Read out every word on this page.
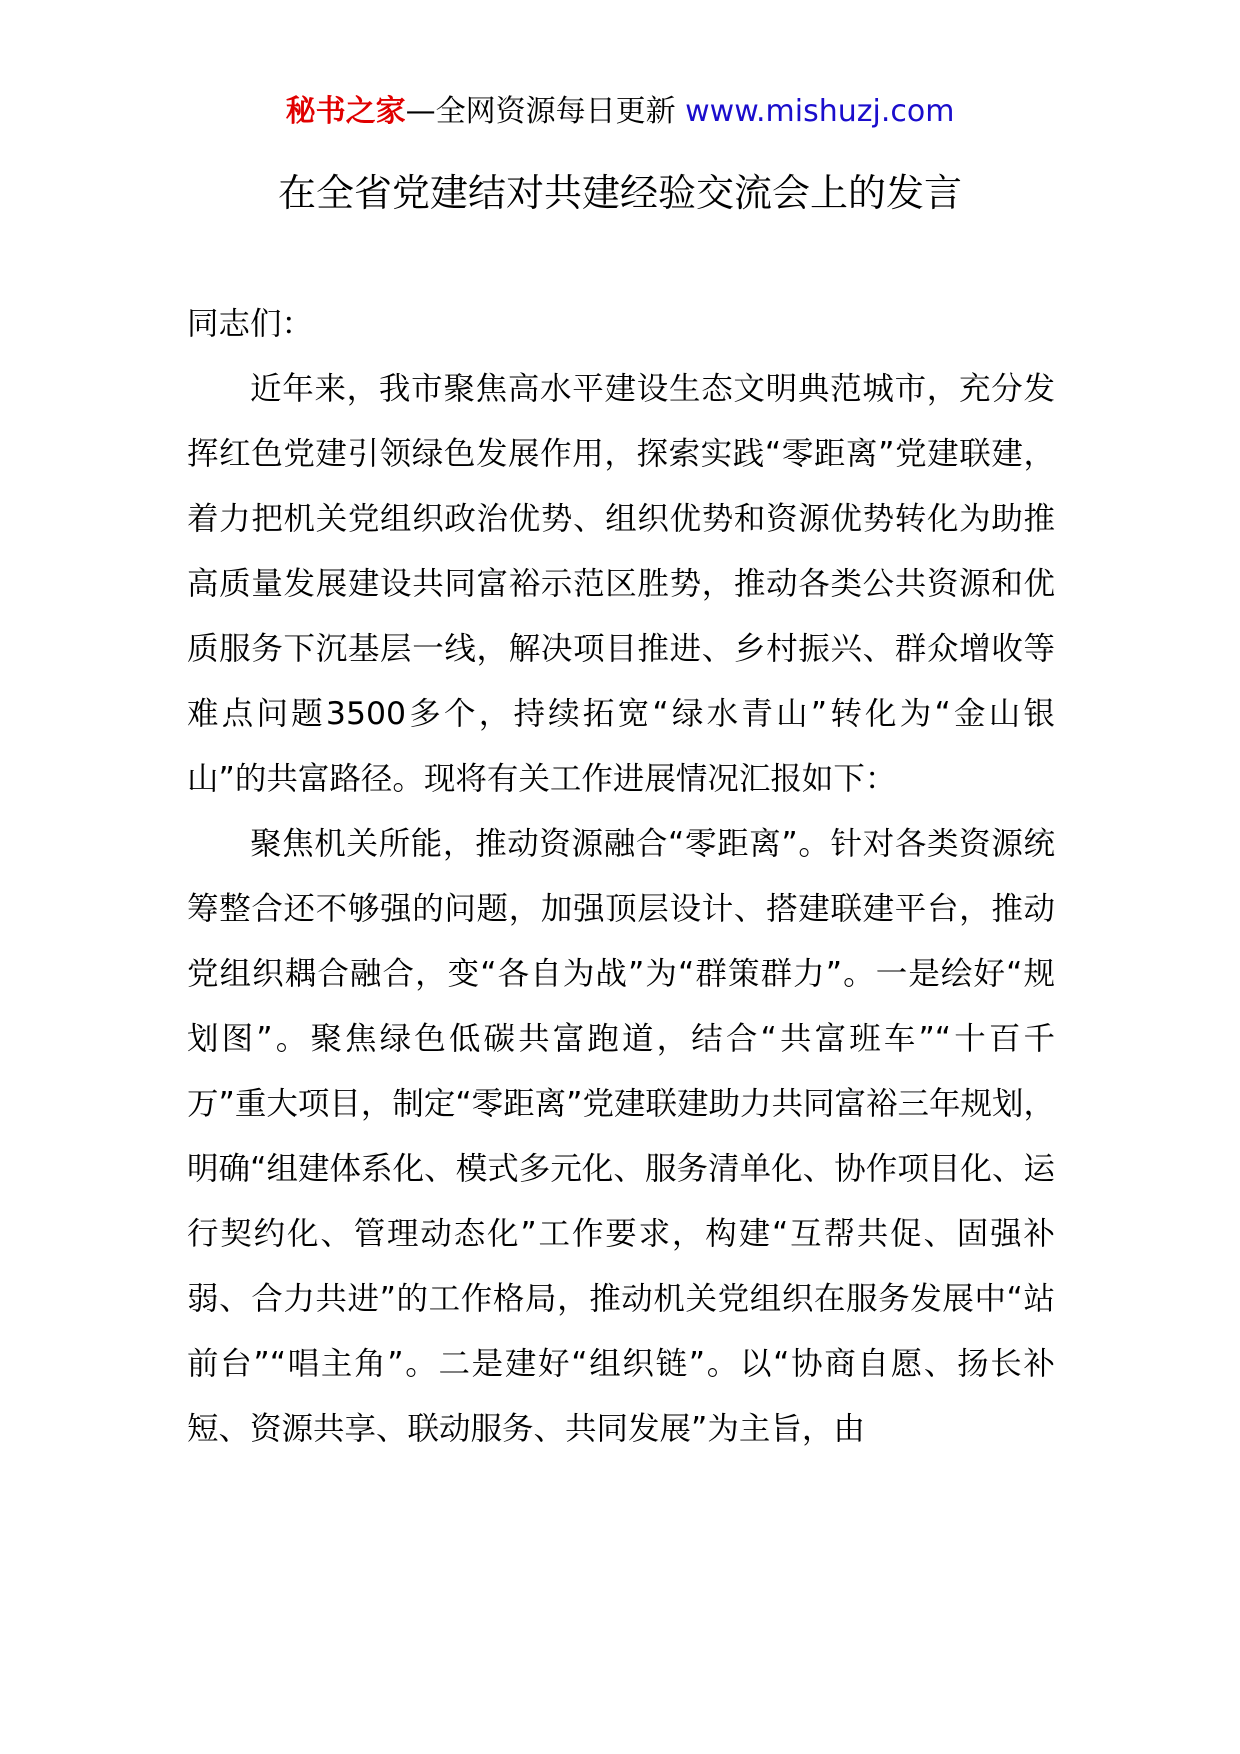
秘书之家—全网资源每日更新 www.mishuzj.com
在全省党建结对共建经验交流会上的发言

同志们：

近年来，我市聚焦高水平建设生态文明典范城市，充分发挥红色党建引领绿色发展作用，探索实践“零距离”党建联建，着力把机关党组织政治优势、组织优势和资源优势转化为助推高质量发展建设共同富裕示范区胜势，推动各类公共资源和优质服务下沉基层一线，解决项目推进、乡村振兴、群众增收等难点问题3500多个，持续拓宽“绿水青山”转化为“金山银山”的共富路径。现将有关工作进展情况汇报如下：

聚焦机关所能，推动资源融合“零距离”。针对各类资源统筹整合还不够强的问题，加强顶层设计、搭建联建平台，推动党组织耦合融合，变“各自为战”为“群策群力”。一是绘好“规划图”。聚焦绿色低碳共富跑道，结合“共富班车”“十百千万”重大项目，制定“零距离”党建联建助力共同富裕三年规划，明确“组建体系化、模式多元化、服务清单化、协作项目化、运行契约化、管理动态化”工作要求，构建“互帮共促、固强补弱、合力共进”的工作格局，推动机关党组织在服务发展中“站前台”“唱主角”。二是建好“组织链”。以“协商自愿、扬长补短、资源共享、联动服务、共同发展”为主旨，由
